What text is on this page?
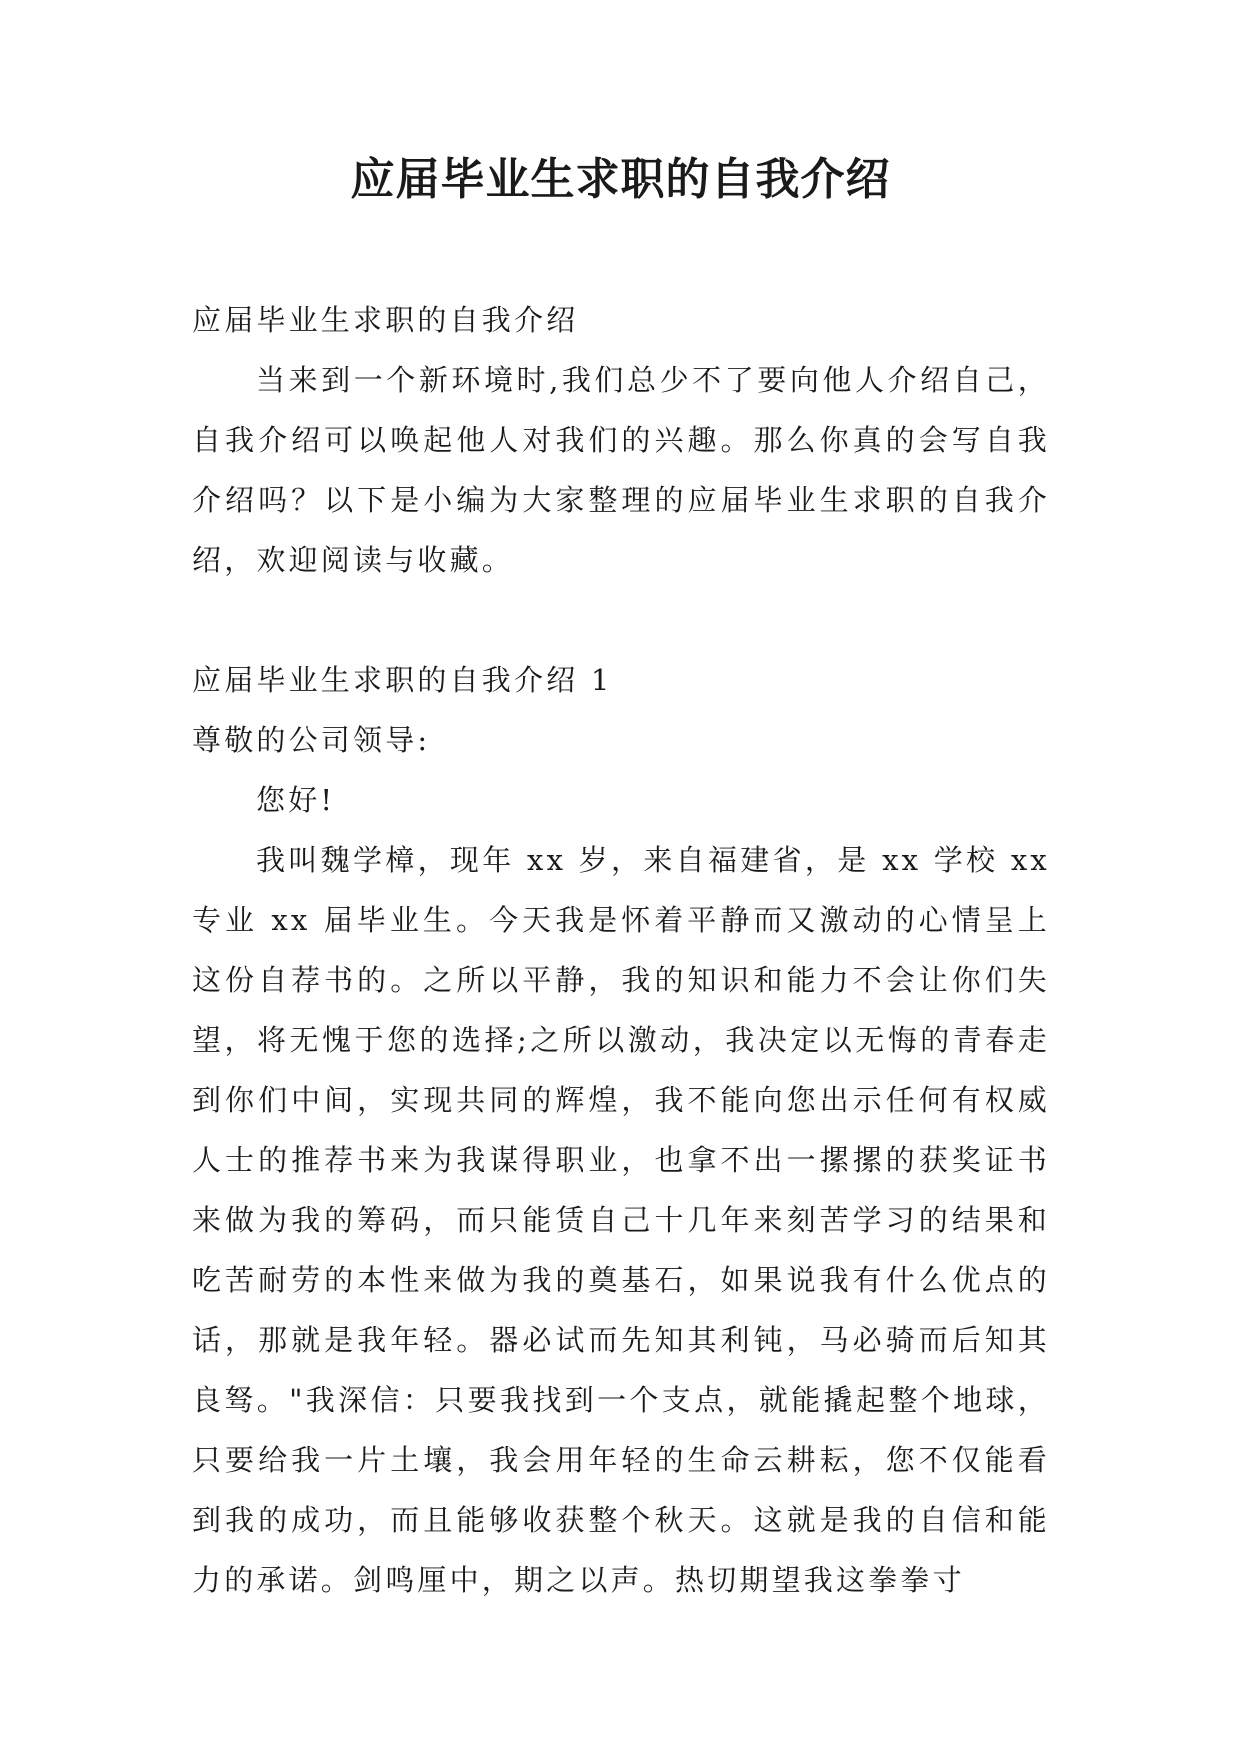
应届毕业生求职的自我介绍

应届毕业生求职的自我介绍

当来到一个新环境时,我们总少不了要向他人介绍自己，自我介绍可以唤起他人对我们的兴趣。那么你真的会写自我介绍吗？以下是小编为大家整理的应届毕业生求职的自我介绍，欢迎阅读与收藏。

应届毕业生求职的自我介绍 1

尊敬的公司领导:

您好!

我叫魏学樟，现年 xx 岁，来自福建省，是 xx 学校 xx 专业 xx 届毕业生。今天我是怀着平静而又激动的心情呈上这份自荐书的。之所以平静，我的知识和能力不会让你们失望，将无愧于您的选择;之所以激动，我决定以无悔的青春走到你们中间，实现共同的辉煌，我不能向您出示任何有权威人士的推荐书来为我谋得职业，也拿不出一摞摞的获奖证书来做为我的筹码，而只能赁自己十几年来刻苦学习的结果和吃苦耐劳的本性来做为我的奠基石，如果说我有什么优点的话，那就是我年轻。器必试而先知其利钝，马必骑而后知其良驽。"我深信：只要我找到一个支点，就能撬起整个地球，只要给我一片土壤，我会用年轻的生命云耕耘，您不仅能看到我的成功，而且能够收获整个秋天。这就是我的自信和能力的承诺。剑鸣厘中，期之以声。热切期望我这拳拳寸
